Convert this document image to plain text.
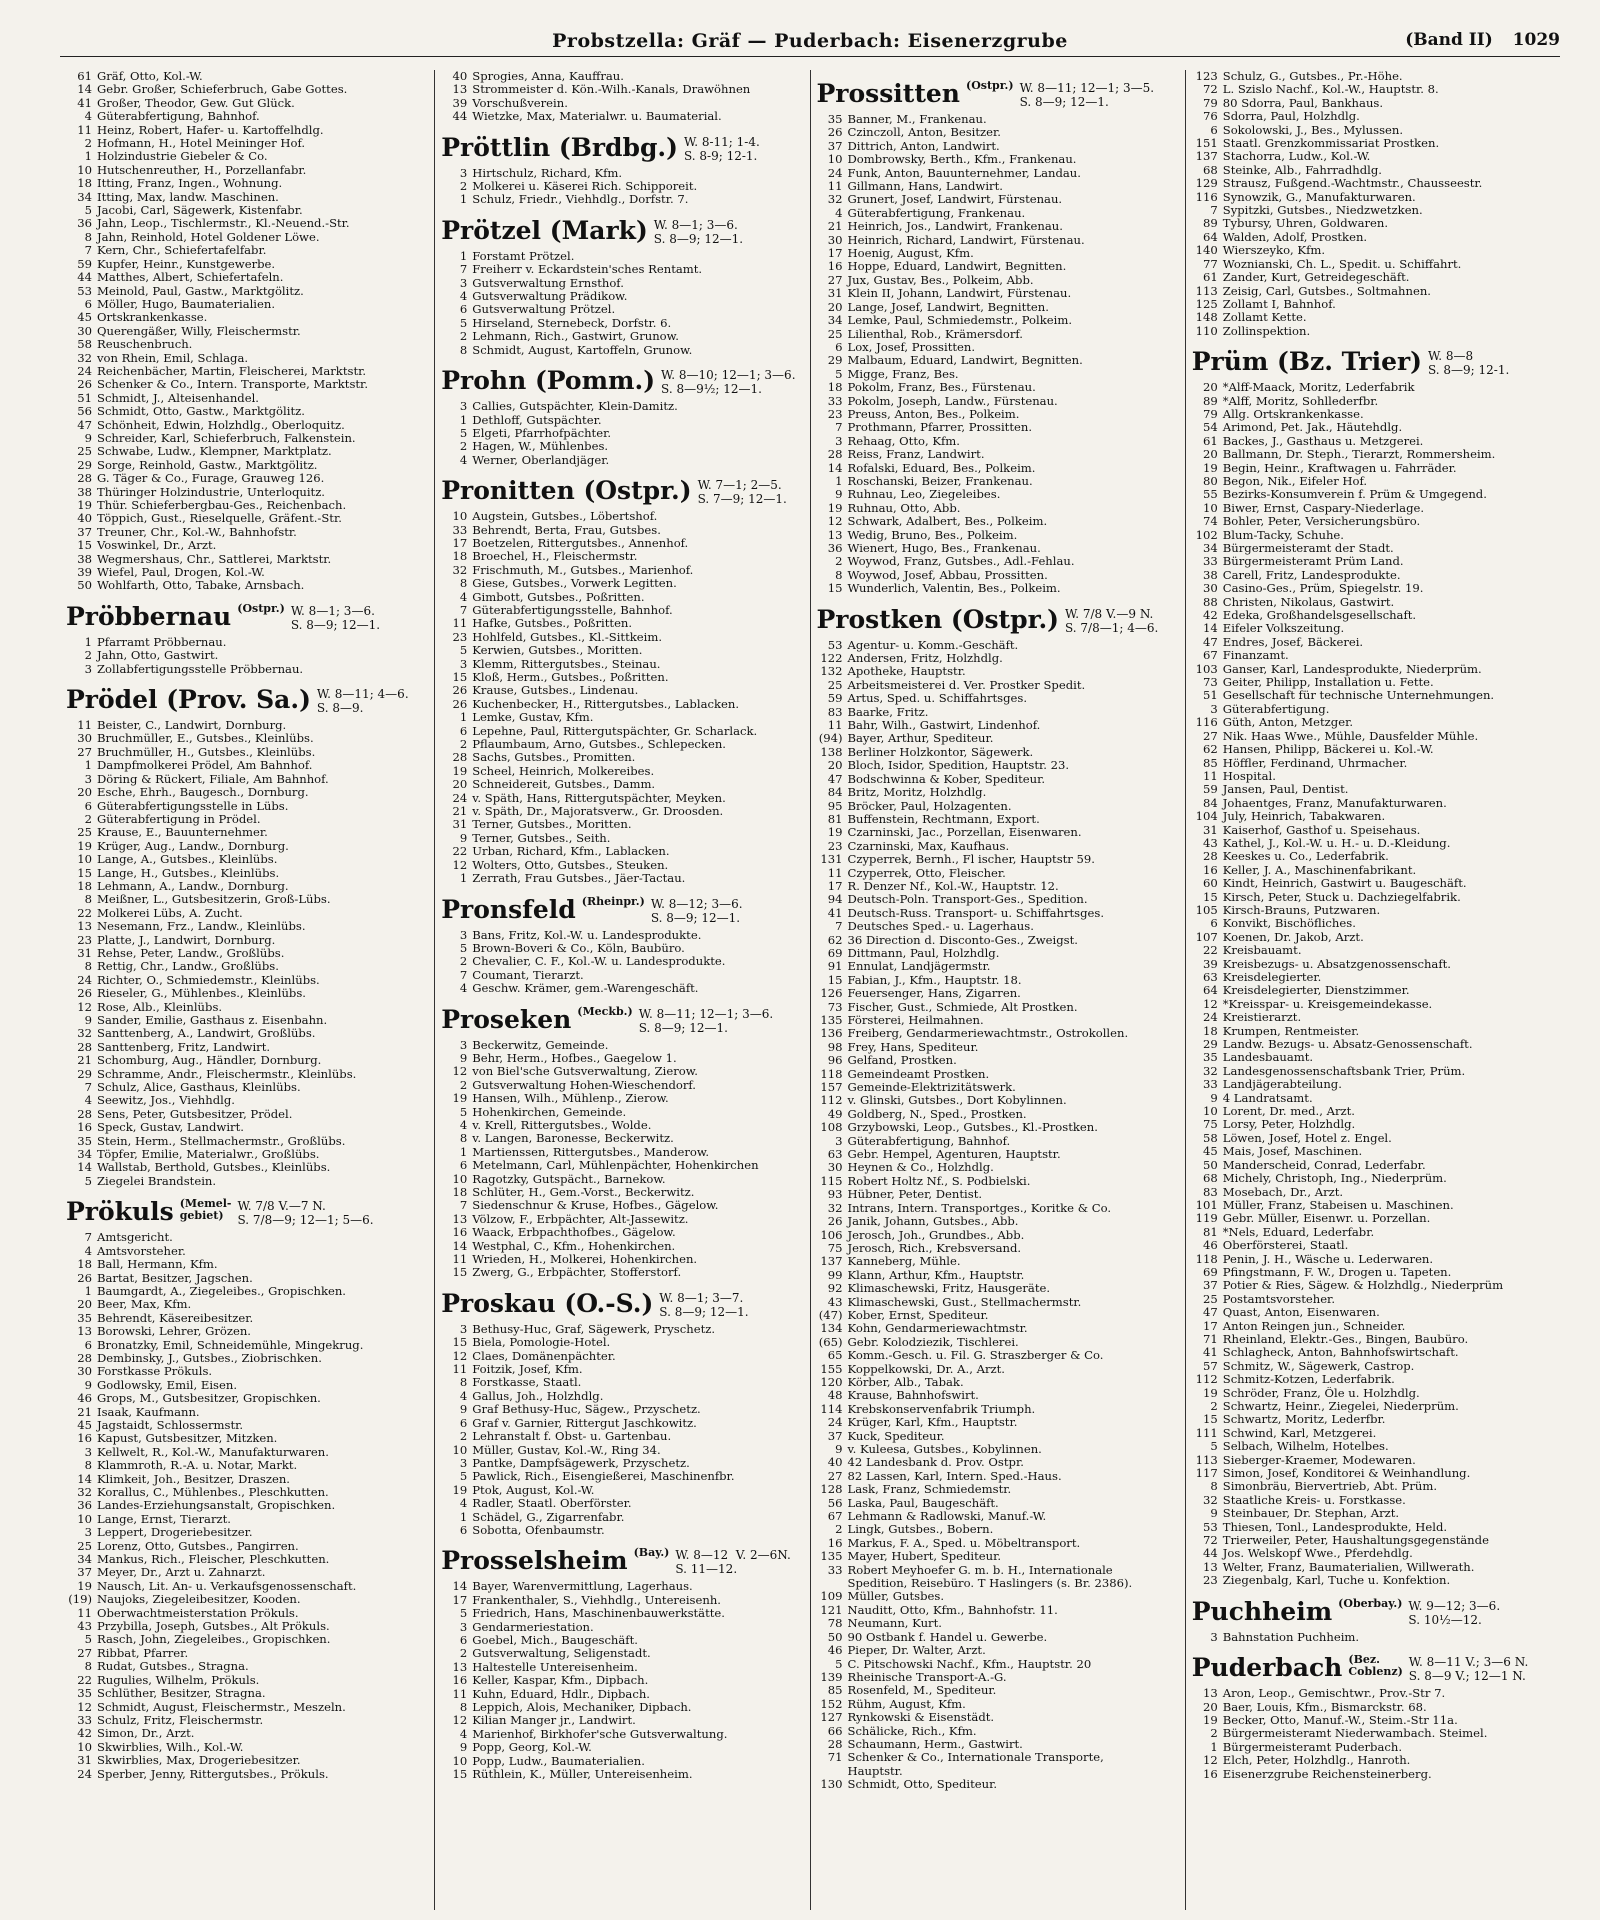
Probstzella: Gräf — Puderbach: Eisenerzgrube	(Band II) 1029
61 Gräf, Otto, Kol.-W.
14 Gebr. Großer, Schieferbruch, Gabe Gottes.
41 Großer, Theodor, Gew. Gut Glück.
4 Güterabfertigung, Bahnhof.
11 Heinz, Robert, Hafer- u. Kartoffelhdlg.
2 Hofmann, H., Hotel Meininger Hof.
1 Holzindustrie Giebeler & Co.
10 Hutschenreuther, H., Porzellanfabr.
18 Itting, Franz, Ingen., Wohnung.
34 Itting, Max, landw. Maschinen.
5 Jacobi, Carl, Sägewerk, Kistenfabr.
36 Jahn, Leop., Tischlermstr., Kl.-Neuend.-Str.
8 Jahn, Reinhold, Hotel Goldener Löwe.
7 Kern, Chr., Schiefertafelfabr.
59 Kupfer, Heinr., Kunstgewerbe.
44 Matthes, Albert, Schiefertafeln.
53 Meinold, Paul, Gastw., Marktgölitz.
6 Möller, Hugo, Baumaterialien.
45 Ortskrankenkasse.
30 Querengäßer, Willy, Fleischermstr.
58 Reuschenbruch.
32 von Rhein, Emil, Schlaga.
24 Reichenbächer, Martin, Fleischerei, Marktstr.
26 Schenker & Co., Intern. Transporte, Marktstr.
51 Schmidt, J., Alteisenhandel.
56 Schmidt, Otto, Gastw., Marktgölitz.
47 Schönheit, Edwin, Holzhdlg., Oberloquitz.
9 Schreider, Karl, Schieferbruch, Falkenstein.
25 Schwabe, Ludw., Klempner, Marktplatz.
29 Sorge, Reinhold, Gastw., Marktgölitz.
28 G. Täger & Co., Furage, Grauweg 126.
38 Thüringer Holzindustrie, Unterloquitz.
19 Thür. Schieferbergbau-Ges., Reichenbach.
40 Töppich, Gust., Rieselquelle, Gräfent.-Str.
37 Treuner, Chr., Kol.-W., Bahnhofstr.
15 Voswinkel, Dr., Arzt.
38 Wegmershaus, Chr., Sattlerei, Marktstr.
39 Wiefel, Paul, Drogen, Kol.-W.
50 Wohlfarth, Otto, Tabake, Arnsbach.
Pröbbernau (Ostpr.) W. 8—1; 3—6.
S. 8—9; 12—1.
1 Pfarramt Pröbbernau.
2 Jahn, Otto, Gastwirt.
3 Zollabfertigungsstelle Pröbbernau.
Prödel (Prov. Sa.) W. 8—11; 4—6.
S. 8—9.
11 Beister, C., Landwirt, Dornburg.
30 Bruchmüller, E., Gutsbes., Kleinlübs.
27 Bruchmüller, H., Gutsbes., Kleinlübs.
1 Dampfmolkerei Prödel, Am Bahnhof.
3 Döring & Rückert, Filiale, Am Bahnhof.
20 Esche, Ehrh., Baugesch., Dornburg.
6 Güterabfertigungsstelle in Lübs.
2 Güterabfertigung in Prödel.
25 Krause, E., Bauunternehmer.
19 Krüger, Aug., Landw., Dornburg.
10 Lange, A., Gutsbes., Kleinlübs.
15 Lange, H., Gutsbes., Kleinlübs.
18 Lehmann, A., Landw., Dornburg.
8 Meißner, L., Gutsbesitzerin, Groß-Lübs.
22 Molkerei Lübs, A. Zucht.
13 Nesemann, Frz., Landw., Kleinlübs.
23 Platte, J., Landwirt, Dornburg.
31 Rehse, Peter, Landw., Großlübs.
8 Rettig, Chr., Landw., Großlübs.
24 Richter, O., Schmiedemstr., Kleinlübs.
26 Rieseler, G., Mühlenbes., Kleinlübs.
12 Rose, Alb., Kleinlübs.
9 Sander, Emilie, Gasthaus z. Eisenbahn.
32 Santtenberg, A., Landwirt, Großlübs.
28 Santtenberg, Fritz, Landwirt.
21 Schomburg, Aug., Händler, Dornburg.
29 Schramme, Andr., Fleischermstr., Kleinlübs.
7 Schulz, Alice, Gasthaus, Kleinlübs.
4 Seewitz, Jos., Viehhdlg.
28 Sens, Peter, Gutsbesitzer, Prödel.
16 Speck, Gustav, Landwirt.
35 Stein, Herm., Stellmachermstr., Großlübs.
34 Töpfer, Emilie, Materialwr., Großlübs.
14 Wallstab, Berthold, Gutsbes., Kleinlübs.
5 Ziegelei Brandstein.
Prökuls (Memel-
gebiet)
W. 7/8 V.—7 N.
S. 7/8—9; 12—1; 5—6.
7 Amtsgericht.
4 Amtsvorsteher.
18 Ball, Hermann, Kfm.
26 Bartat, Besitzer, Jagschen.
1 Baumgardt, A., Ziegeleibes., Gropischken.
20 Beer, Max, Kfm.
35 Behrendt, Käsereibesitzer.
13 Borowski, Lehrer, Grözen.
6 Bronatzky, Emil, Schneidemühle, Mingekrug.
28 Dembinsky, J., Gutsbes., Ziobrischken.
30 Forstkasse Prökuls.
9 Godlowsky, Emil, Eisen.
46 Grops, M., Gutsbesitzer, Gropischken.
21 Isaak, Kaufmann.
45 Jagstaidt, Schlossermstr.
16 Kapust, Gutsbesitzer, Mitzken.
3 Kellwelt, R., Kol.-W., Manufakturwaren.
8 Klammroth, R.-A. u. Notar, Markt.
14 Klimkeit, Joh., Besitzer, Draszen.
32 Korallus, C., Mühlenbes., Pleschkutten.
36 Landes-Erziehungsanstalt, Gropischken.
10 Lange, Ernst, Tierarzt.
3 Leppert, Drogeriebesitzer.
25 Lorenz, Otto, Gutsbes., Pangirren.
34 Mankus, Rich., Fleischer, Pleschkutten.
37 Meyer, Dr., Arzt u. Zahnarzt.
19 Nausch, Lit. An- u. Verkaufsgenossenschaft.
(19) Naujoks, Ziegeleibesitzer, Kooden.
11 Oberwachtmeisterstation Prökuls.
43 Przybilla, Joseph, Gutsbes., Alt Prökuls.
5 Rasch, John, Ziegeleibes., Gropischken.
27 Ribbat, Pfarrer.
8 Rudat, Gutsbes., Stragna.
22 Rugulies, Wilhelm, Prökuls.
35 Schlüther, Besitzer, Stragna.
12 Schmidt, August, Fleischermstr., Meszeln.
33 Schulz, Fritz, Fleischermstr.
42 Simon, Dr., Arzt.
10 Skwirblies, Wilh., Kol.-W.
31 Skwirblies, Max, Drogeriebesitzer.
24 Sperber, Jenny, Rittergutsbes., Prökuls.
40 Sprogies, Anna, Kauffrau.
13 Strommeister d. Kön.-Wilh.-Kanals, Drawöhnen
39 Vorschußverein.
44 Wietzke, Max, Materialwr. u. Baumaterial.
Pröttlin (Brdbg.) W. 8-11; 1-4.
S. 8-9; 12-1.
3 Hirtschulz, Richard, Kfm.
2 Molkerei u. Käserei Rich. Schipporeit.
1 Schulz, Friedr., Viehhdlg., Dorfstr. 7.
Prötzel (Mark) W. 8—1; 3—6.
S. 8—9; 12—1.
1 Forstamt Prötzel.
7 Freiherr v. Eckardstein'sches Rentamt.
3 Gutsverwaltung Ernsthof.
4 Gutsverwaltung Prädikow.
6 Gutsverwaltung Prötzel.
5 Hirseland, Sternebeck, Dorfstr. 6.
2 Lehmann, Rich., Gastwirt, Grunow.
8 Schmidt, August, Kartoffeln, Grunow.
Prohn (Pomm.) W. 8—10; 12—1; 3—6.
S. 8—9½; 12—1.
3 Callies, Gutspächter, Klein-Damitz.
1 Dethloff, Gutspächter.
5 Elgeti, Pfarrhofpächter.
2 Hagen, W., Mühlenbes.
4 Werner, Oberlandjäger.
Pronitten (Ostpr.) W. 7—1; 2—5.
S. 7—9; 12—1.
10 Augstein, Gutsbes., Löbertshof.
33 Behrendt, Berta, Frau, Gutsbes.
17 Boetzelen, Rittergutsbes., Annenhof.
18 Broechel, H., Fleischermstr.
32 Frischmuth, M., Gutsbes., Marienhof.
8 Giese, Gutsbes., Vorwerk Legitten.
4 Gimbott, Gutsbes., Poßritten.
7 Güterabfertigungsstelle, Bahnhof.
11 Hafke, Gutsbes., Poßritten.
23 Hohlfeld, Gutsbes., Kl.-Sittkeim.
5 Kerwien, Gutsbes., Moritten.
3 Klemm, Rittergutsbes., Steinau.
15 Kloß, Herm., Gutsbes., Poßritten.
26 Krause, Gutsbes., Lindenau.
26 Kuchenbecker, H., Rittergutsbes., Lablacken.
1 Lemke, Gustav, Kfm.
6 Lepehne, Paul, Rittergutspächter, Gr. Scharlack.
2 Pflaumbaum, Arno, Gutsbes., Schlepecken.
28 Sachs, Gutsbes., Promitten.
19 Scheel, Heinrich, Molkereibes.
20 Schneidereit, Gutsbes., Damm.
24 v. Späth, Hans, Rittergutspächter, Meyken.
21 v. Späth, Dr., Majoratsverw., Gr. Droosden.
31 Terner, Gutsbes., Moritten.
9 Terner, Gutsbes., Seith.
22 Urban, Richard, Kfm., Lablacken.
12 Wolters, Otto, Gutsbes., Steuken.
1 Zerrath, Frau Gutsbes., Jäer-Tactau.
Pronsfeld (Rheinpr.) W. 8—12; 3—6.
S. 8—9; 12—1.
3 Bans, Fritz, Kol.-W. u. Landesprodukte.
5 Brown-Boveri & Co., Köln, Baubüro.
2 Chevalier, C. F., Kol.-W. u. Landesprodukte.
7 Coumant, Tierarzt.
4 Geschw. Krämer, gem.-Warengeschäft.
Proseken (Meckb.) W. 8—11; 12—1; 3—6.
S. 8—9; 12—1.
3 Beckerwitz, Gemeinde.
9 Behr, Herm., Hofbes., Gaegelow 1.
12 von Biel'sche Gutsverwaltung, Zierow.
2 Gutsverwaltung Hohen-Wieschendorf.
19 Hansen, Wilh., Mühlenp., Zierow.
5 Hohenkirchen, Gemeinde.
4 v. Krell, Rittergutsbes., Wolde.
8 v. Langen, Baronesse, Beckerwitz.
1 Martienssen, Rittergutsbes., Manderow.
6 Metelmann, Carl, Mühlenpächter, Hohenkirchen
10 Ragotzky, Gutspächt., Barnekow.
18 Schlüter, H., Gem.-Vorst., Beckerwitz.
7 Siedenschnur & Kruse, Hofbes., Gägelow.
13 Völzow, F., Erbpächter, Alt-Jassewitz.
16 Waack, Erbpachthofbes., Gägelow.
14 Westphal, C., Kfm., Hohenkirchen.
11 Wrieden, H., Molkerei, Hohenkirchen.
15 Zwerg, G., Erbpächter, Stofferstorf.
Proskau (O.-S.) W. 8—1; 3—7.
S. 8—9; 12—1.
3 Bethusy-Huc, Graf, Sägewerk, Pryschetz.
15 Biela, Pomologie-Hotel.
12 Claes, Domänenpächter.
11 Foitzik, Josef, Kfm.
8 Forstkasse, Staatl.
4 Gallus, Joh., Holzhdlg.
9 Graf Bethusy-Huc, Sägew., Przyschetz.
6 Graf v. Garnier, Rittergut Jaschkowitz.
2 Lehranstalt f. Obst- u. Gartenbau.
10 Müller, Gustav, Kol.-W., Ring 34.
3 Pantke, Dampfsägewerk, Przyschetz.
5 Pawlick, Rich., Eisengießerei, Maschinenfbr.
19 Ptok, August, Kol.-W.
4 Radler, Staatl. Oberförster.
1 Schädel, G., Zigarrenfabr.
6 Sobotta, Ofenbaumstr.
Prosselsheim (Bay.) W. 8—12  V. 2—6N.
S. 11—12.
14 Bayer, Warenvermittlung, Lagerhaus.
17 Frankenthaler, S., Viehhdlg., Untereisenh.
5 Friedrich, Hans, Maschinenbauwerkstätte.
3 Gendarmeriestation.
6 Goebel, Mich., Baugeschäft.
2 Gutsverwaltung, Seligenstadt.
13 Haltestelle Untereisenheim.
16 Keller, Kaspar, Kfm., Dipbach.
11 Kuhn, Eduard, Hdlr., Dipbach.
8 Leppich, Alois, Mechaniker, Dipbach.
12 Kilian Manger jr., Landwirt.
4 Marienhof, Birkhofer'sche Gutsverwaltung.
9 Popp, Georg, Kol.-W.
10 Popp, Ludw., Baumaterialien.
15 Rüthlein, K., Müller, Untereisenheim.
Prossitten (Ostpr.) W. 8—11; 12—1; 3—5.
S. 8—9; 12—1.
35 Banner, M., Frankenau.
26 Czinczoll, Anton, Besitzer.
37 Dittrich, Anton, Landwirt.
10 Dombrowsky, Berth., Kfm., Frankenau.
24 Funk, Anton, Bauunternehmer, Landau.
11 Gillmann, Hans, Landwirt.
32 Grunert, Josef, Landwirt, Fürstenau.
4 Güterabfertigung, Frankenau.
21 Heinrich, Jos., Landwirt, Frankenau.
30 Heinrich, Richard, Landwirt, Fürstenau.
17 Hoenig, August, Kfm.
16 Hoppe, Eduard, Landwirt, Begnitten.
27 Jux, Gustav, Bes., Polkeim, Abb.
31 Klein II, Johann, Landwirt, Fürstenau.
20 Lange, Josef, Landwirt, Begnitten.
34 Lemke, Paul, Schmiedemstr., Polkeim.
25 Lilienthal, Rob., Krämersdorf.
6 Lox, Josef, Prossitten.
29 Malbaum, Eduard, Landwirt, Begnitten.
5 Migge, Franz, Bes.
18 Pokolm, Franz, Bes., Fürstenau.
33 Pokolm, Joseph, Landw., Fürstenau.
23 Preuss, Anton, Bes., Polkeim.
7 Prothmann, Pfarrer, Prossitten.
3 Rehaag, Otto, Kfm.
28 Reiss, Franz, Landwirt.
14 Rofalski, Eduard, Bes., Polkeim.
1 Roschanski, Beizer, Frankenau.
9 Ruhnau, Leo, Ziegeleibes.
19 Ruhnau, Otto, Abb.
12 Schwark, Adalbert, Bes., Polkeim.
13 Wedig, Bruno, Bes., Polkeim.
36 Wienert, Hugo, Bes., Frankenau.
2 Woywod, Franz, Gutsbes., Adl.-Fehlau.
8 Woywod, Josef, Abbau, Prossitten.
15 Wunderlich, Valentin, Bes., Polkeim.
Prostken (Ostpr.) W. 7/8 V.—9 N.
S. 7/8—1; 4—6.
53 Agentur- u. Komm.-Geschäft.
122 Andersen, Fritz, Holzhdlg.
132 Apotheke, Hauptstr.
25 Arbeitsmeisterei d. Ver. Prostker Spedit.
59 Artus, Sped. u. Schiffahrtsges.
83 Baarke, Fritz.
11 Bahr, Wilh., Gastwirt, Lindenhof.
(94) Bayer, Arthur, Spediteur.
138 Berliner Holzkontor, Sägewerk.
20 Bloch, Isidor, Spedition, Hauptstr. 23.
47 Bodschwinna & Kober, Spediteur.
84 Britz, Moritz, Holzhdlg.
95 Bröcker, Paul, Holzagenten.
81 Buffenstein, Rechtmann, Export.
19 Czarninski, Jac., Porzellan, Eisenwaren.
23 Czarninski, Max, Kaufhaus.
131 Czyperrek, Bernh., Fl ischer, Hauptstr 59.
11 Czyperrek, Otto, Fleischer.
17 R. Denzer Nf., Kol.-W., Hauptstr. 12.
94 Deutsch-Poln. Transport-Ges., Spedition.
41 Deutsch-Russ. Transport- u. Schiffahrtsges.
7 Deutsches Sped.- u. Lagerhaus.
62 36 Direction d. Disconto-Ges., Zweigst.
69 Dittmann, Paul, Holzhdlg.
91 Ennulat, Landjägermstr.
15 Fabian, J., Kfm., Hauptstr. 18.
126 Feuersenger, Hans, Zigarren.
73 Fischer, Gust., Schmiede, Alt Prostken.
135 Försterei, Heilmahnen.
136 Freiberg, Gendarmeriewachtmstr., Ostrokollen.
98 Frey, Hans, Spediteur.
96 Gelfand, Prostken.
118 Gemeindeamt Prostken.
157 Gemeinde-Elektrizitätswerk.
112 v. Glinski, Gutsbes., Dort Kobylinnen.
49 Goldberg, N., Sped., Prostken.
108 Grzybowski, Leop., Gutsbes., Kl.-Prostken.
3 Güterabfertigung, Bahnhof.
63 Gebr. Hempel, Agenturen, Hauptstr.
30 Heynen & Co., Holzhdlg.
115 Robert Holtz Nf., S. Podbielski.
93 Hübner, Peter, Dentist.
32 Intrans, Intern. Transportges., Koritke & Co.
26 Janik, Johann, Gutsbes., Abb.
106 Jerosch, Joh., Grundbes., Abb.
75 Jerosch, Rich., Krebsversand.
137 Kanneberg, Mühle.
99 Klann, Arthur, Kfm., Hauptstr.
92 Klimaschewski, Fritz, Hausgeräte.
43 Klimaschewski, Gust., Stellmachermstr.
(47) Kober, Ernst, Spediteur.
134 Kohn, Gendarmeriewachtmstr.
(65) Gebr. Kolodziezik, Tischlerei.
65 Komm.-Gesch. u. Fil. G. Straszberger & Co.
155 Koppelkowski, Dr. A., Arzt.
120 Körber, Alb., Tabak.
48 Krause, Bahnhofswirt.
114 Krebskonservenfabrik Triumph.
24 Krüger, Karl, Kfm., Hauptstr.
37 Kuck, Spediteur.
9 v. Kuleesa, Gutsbes., Kobylinnen.
40 42 Landesbank d. Prov. Ostpr.
27 82 Lassen, Karl, Intern. Sped.-Haus.
128 Lask, Franz, Schmiedemstr.
56 Laska, Paul, Baugeschäft.
67 Lehmann & Radlowski, Manuf.-W.
2 Lingk, Gutsbes., Bobern.
16 Markus, F. A., Sped. u. Möbeltransport.
135 Mayer, Hubert, Spediteur.
33 Robert Meyhoefer G. m. b. H., Internationale
Spedition, Reisebüro. T Haslingers (s. Br. 2386).
109 Müller, Gutsbes.
121 Nauditt, Otto, Kfm., Bahnhofstr. 11.
78 Neumann, Kurt.
50 90 Ostbank f. Handel u. Gewerbe.
46 Pieper, Dr. Walter, Arzt.
5 C. Pitschowski Nachf., Kfm., Hauptstr. 20
139 Rheinische Transport-A.-G.
85 Rosenfeld, M., Spediteur.
152 Rühm, August, Kfm.
127 Rynkowski & Eisenstädt.
66 Schälicke, Rich., Kfm.
28 Schaumann, Herm., Gastwirt.
71 Schenker & Co., Internationale Transporte,
Hauptstr.
130 Schmidt, Otto, Spediteur.
123 Schulz, G., Gutsbes., Pr.-Höhe.
72 L. Szislo Nachf., Kol.-W., Hauptstr. 8.
79 80 Sdorra, Paul, Bankhaus.
76 Sdorra, Paul, Holzhdlg.
6 Sokolowski, J., Bes., Mylussen.
151 Staatl. Grenzkommissariat Prostken.
137 Stachorra, Ludw., Kol.-W.
68 Steinke, Alb., Fahrradhdlg.
129 Strausz, Fußgend.-Wachtmstr., Chausseestr.
116 Synowzik, G., Manufakturwaren.
7 Sypitzki, Gutsbes., Niedzwetzken.
89 Tybursy, Uhren, Goldwaren.
64 Walden, Adolf, Prostken.
140 Wierszeyko, Kfm.
77 Woznianski, Ch. L., Spedit. u. Schiffahrt.
61 Zander, Kurt, Getreidegeschäft.
113 Zeisig, Carl, Gutsbes., Soltmahnen.
125 Zollamt I, Bahnhof.
148 Zollamt Kette.
110 Zollinspektion.
Prüm (Bz. Trier) W. 8—8
S. 8—9; 12-1.
20 *Alff-Maack, Moritz, Lederfabrik
89 *Alff, Moritz, Sohllederfbr.
79 Allg. Ortskrankenkasse.
54 Arimond, Pet. Jak., Häutehdlg.
61 Backes, J., Gasthaus u. Metzgerei.
20 Ballmann, Dr. Steph., Tierarzt, Rommersheim.
19 Begin, Heinr., Kraftwagen u. Fahrräder.
80 Begon, Nik., Eifeler Hof.
55 Bezirks-Konsumverein f. Prüm & Umgegend.
10 Biwer, Ernst, Caspary-Niederlage.
74 Bohler, Peter, Versicherungsbüro.
102 Blum-Tacky, Schuhe.
34 Bürgermeisteramt der Stadt.
33 Bürgermeisteramt Prüm Land.
38 Carell, Fritz, Landesprodukte.
30 Casino-Ges., Prüm, Spiegelstr. 19.
88 Christen, Nikolaus, Gastwirt.
42 Edeka, Großhandelsgesellschaft.
14 Eifeler Volkszeitung.
47 Endres, Josef, Bäckerei.
67 Finanzamt.
103 Ganser, Karl, Landesprodukte, Niederprüm.
73 Geiter, Philipp, Installation u. Fette.
51 Gesellschaft für technische Unternehmungen.
3 Güterabfertigung.
116 Güth, Anton, Metzger.
27 Nik. Haas Wwe., Mühle, Dausfelder Mühle.
62 Hansen, Philipp, Bäckerei u. Kol.-W.
85 Höffler, Ferdinand, Uhrmacher.
11 Hospital.
59 Jansen, Paul, Dentist.
84 Johaentges, Franz, Manufakturwaren.
104 July, Heinrich, Tabakwaren.
31 Kaiserhof, Gasthof u. Speisehaus.
43 Kathel, J., Kol.-W. u. H.- u. D.-Kleidung.
28 Keeskes u. Co., Lederfabrik.
16 Keller, J. A., Maschinenfabrikant.
60 Kindt, Heinrich, Gastwirt u. Baugeschäft.
15 Kirsch, Peter, Stuck u. Dachziegelfabrik.
105 Kirsch-Brauns, Putzwaren.
6 Konvikt, Bischöfliches.
107 Koenen, Dr. Jakob, Arzt.
22 Kreisbauamt.
39 Kreisbezugs- u. Absatzgenossenschaft.
63 Kreisdelegierter.
64 Kreisdelegierter, Dienstzimmer.
12 *Kreisspar- u. Kreisgemeindekasse.
24 Kreistierarzt.
18 Krumpen, Rentmeister.
29 Landw. Bezugs- u. Absatz-Genossenschaft.
35 Landesbauamt.
32 Landesgenossenschaftsbank Trier, Prüm.
33 Landjägerabteilung.
9 4 Landratsamt.
10 Lorent, Dr. med., Arzt.
75 Lorsy, Peter, Holzhdlg.
58 Löwen, Josef, Hotel z. Engel.
45 Mais, Josef, Maschinen.
50 Manderscheid, Conrad, Lederfabr.
68 Michely, Christoph, Ing., Niederprüm.
83 Mosebach, Dr., Arzt.
101 Müller, Franz, Stabeisen u. Maschinen.
119 Gebr. Müller, Eisenwr. u. Porzellan.
81 *Nels, Eduard, Lederfabr.
46 Oberförsterei, Staatl.
118 Penin, J. H., Wäsche u. Lederwaren.
69 Pfingstmann, F. W., Drogen u. Tapeten.
37 Potier & Ries, Sägew. & Holzhdlg., Niederprüm
25 Postamtsvorsteher.
47 Quast, Anton, Eisenwaren.
17 Anton Reingen jun., Schneider.
71 Rheinland, Elektr.-Ges., Bingen, Baubüro.
41 Schlagheck, Anton, Bahnhofswirtschaft.
57 Schmitz, W., Sägewerk, Castrop.
112 Schmitz-Kotzen, Lederfabrik.
19 Schröder, Franz, Öle u. Holzhdlg.
2 Schwartz, Heinr., Ziegelei, Niederprüm.
15 Schwartz, Moritz, Lederfbr.
111 Schwind, Karl, Metzgerei.
5 Selbach, Wilhelm, Hotelbes.
113 Sieberger-Kraemer, Modewaren.
117 Simon, Josef, Konditorei & Weinhandlung.
8 Simonbräu, Biervertrieb, Abt. Prüm.
32 Staatliche Kreis- u. Forstkasse.
9 Steinbauer, Dr. Stephan, Arzt.
53 Thiesen, Tonl., Landesprodukte, Held.
72 Trierweiler, Peter, Haushaltungsgegenstände
44 Jos. Welskopf Wwe., Pferdehdlg.
13 Welter, Franz, Baumaterialien, Willwerath.
23 Ziegenbalg, Karl, Tuche u. Konfektion.
Puchheim (Oberbay.) W. 9—12; 3—6.
S. 10½—12.
3 Bahnstation Puchheim.
Puderbach (Bez.
Coblenz)
W. 8—11 V.; 3—6 N.
S. 8—9 V.; 12—1 N.
13 Aron, Leop., Gemischtwr., Prov.-Str 7.
20 Baer, Louis, Kfm., Bismarckstr. 68.
19 Becker, Otto, Manuf.-W., Steim.-Str 11a.
2 Bürgermeisteramt Niederwambach. Steimel.
1 Bürgermeisteramt Puderbach.
12 Elch, Peter, Holzhdlg., Hanroth.
16 Eisenerzgrube Reichensteinerberg.
